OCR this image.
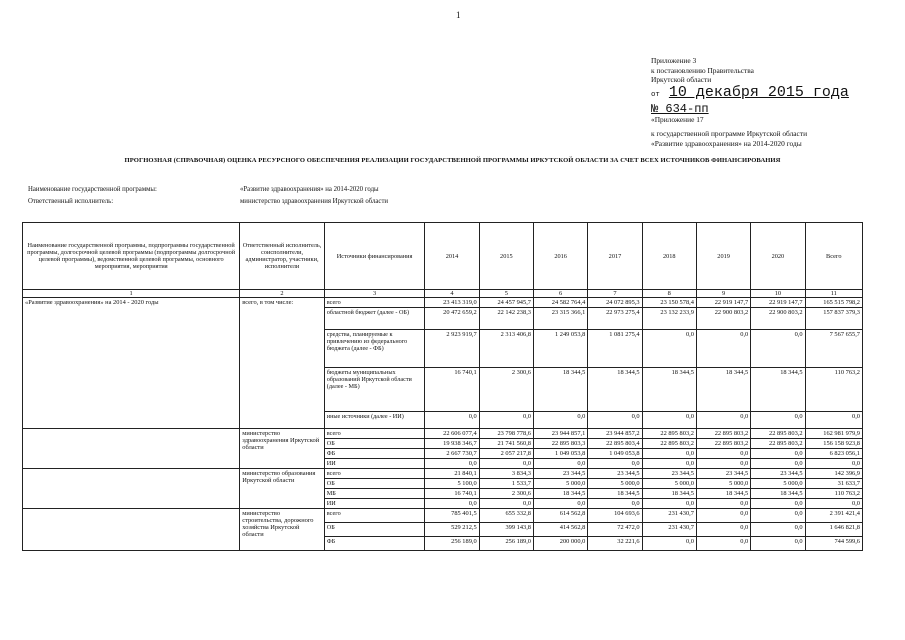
1
Приложение 3
к постановлению Правительства
Иркутской области
от 10 декабря 2015 года
№ 634-пп
«Приложение 17
к государственной программе Иркутской области
«Развитие здравоохранения» на 2014-2020 годы
ПРОГНОЗНАЯ (СПРАВОЧНАЯ) ОЦЕНКА РЕСУРСНОГО ОБЕСПЕЧЕНИЯ РЕАЛИЗАЦИИ ГОСУДАРСТВЕННОЙ ПРОГРАММЫ ИРКУТСКОЙ ОБЛАСТИ ЗА СЧЕТ ВСЕХ ИСТОЧНИКОВ ФИНАНСИРОВАНИЯ
Наименование государственной программы:	«Развитие здравоохранения» на 2014-2020 годы
Ответственный исполнитель:	министерство здравоохранения Иркутской области
Наименование государственной программы, подпрограммы государственной программы, долгосрочной целевой программы (подпрограммы долгосрочной целевой программы), ведомственной целевой программы, основного мероприятия, мероприятия	Ответственный исполнитель, соисполнители, администратор, участники, исполнители	Источники финансирования	2014	2015	2016	2017	2018	2019	2020	Всего
1	2	3	4	5	6	7	8	9	10	11
«Развитие здравоохранения» на 2014 - 2020 годы	всего, в том числе:	всего	23 413 319,0	24 457 945,7	24 582 764,4	24 072 895,3	23 150 578,4	22 919 147,7	22 919 147,7	165 515 798,2
		областной бюджет (далее - ОБ)	20 472 659,2	22 142 238,3	23 315 366,1	22 973 275,4	23 132 233,9	22 900 803,2	22 900 803,2	157 837 379,3
		средства, планируемые к привлечению из федерального бюджета (далее - ФБ)	2 923 919,7	2 313 406,8	1 249 053,8	1 081 275,4	0,0	0,0	0,0	7 567 655,7
		бюджеты муниципальных образований Иркутской области (далее - МБ)	16 740,1	2 300,6	18 344,5	18 344,5	18 344,5	18 344,5	18 344,5	110 763,2
		иные источники (далее - ИИ)	0,0	0,0	0,0	0,0	0,0	0,0	0,0	0,0
	министерство здравоохранения Иркутской области	всего	22 606 077,4	23 798 778,6	23 944 857,1	23 944 857,2	22 895 803,2	22 895 803,2	22 895 803,2	162 981 979,9
		ОБ	19 938 346,7	21 741 560,8	22 895 803,3	22 895 803,4	22 895 803,2	22 895 803,2	22 895 803,2	156 158 923,8
		ФБ	2 667 730,7	2 057 217,8	1 049 053,8	1 049 053,8	0,0	0,0	0,0	6 823 056,1
		ИИ	0,0	0,0	0,0	0,0	0,0	0,0	0,0	0,0
	министерство образования Иркутской области	всего	21 840,1	3 834,3	23 344,5	23 344,5	23 344,5	23 344,5	23 344,5	142 396,9
		ОБ	5 100,0	1 533,7	5 000,0	5 000,0	5 000,0	5 000,0	5 000,0	31 633,7
		МБ	16 740,1	2 300,6	18 344,5	18 344,5	18 344,5	18 344,5	18 344,5	110 763,2
		ИИ	0,0	0,0	0,0	0,0	0,0	0,0	0,0	0,0
	министерство строительства, дорожного хозяйства Иркутской области	всего	785 401,5	655 332,8	614 562,8	104 693,6	231 430,7	0,0	0,0	2 391 421,4
		ОБ	529 212,5	399 143,8	414 562,8	72 472,0	231 430,7	0,0	0,0	1 646 821,8
		ФБ	256 189,0	256 189,0	200 000,0	32 221,6	0,0	0,0	0,0	744 599,6
